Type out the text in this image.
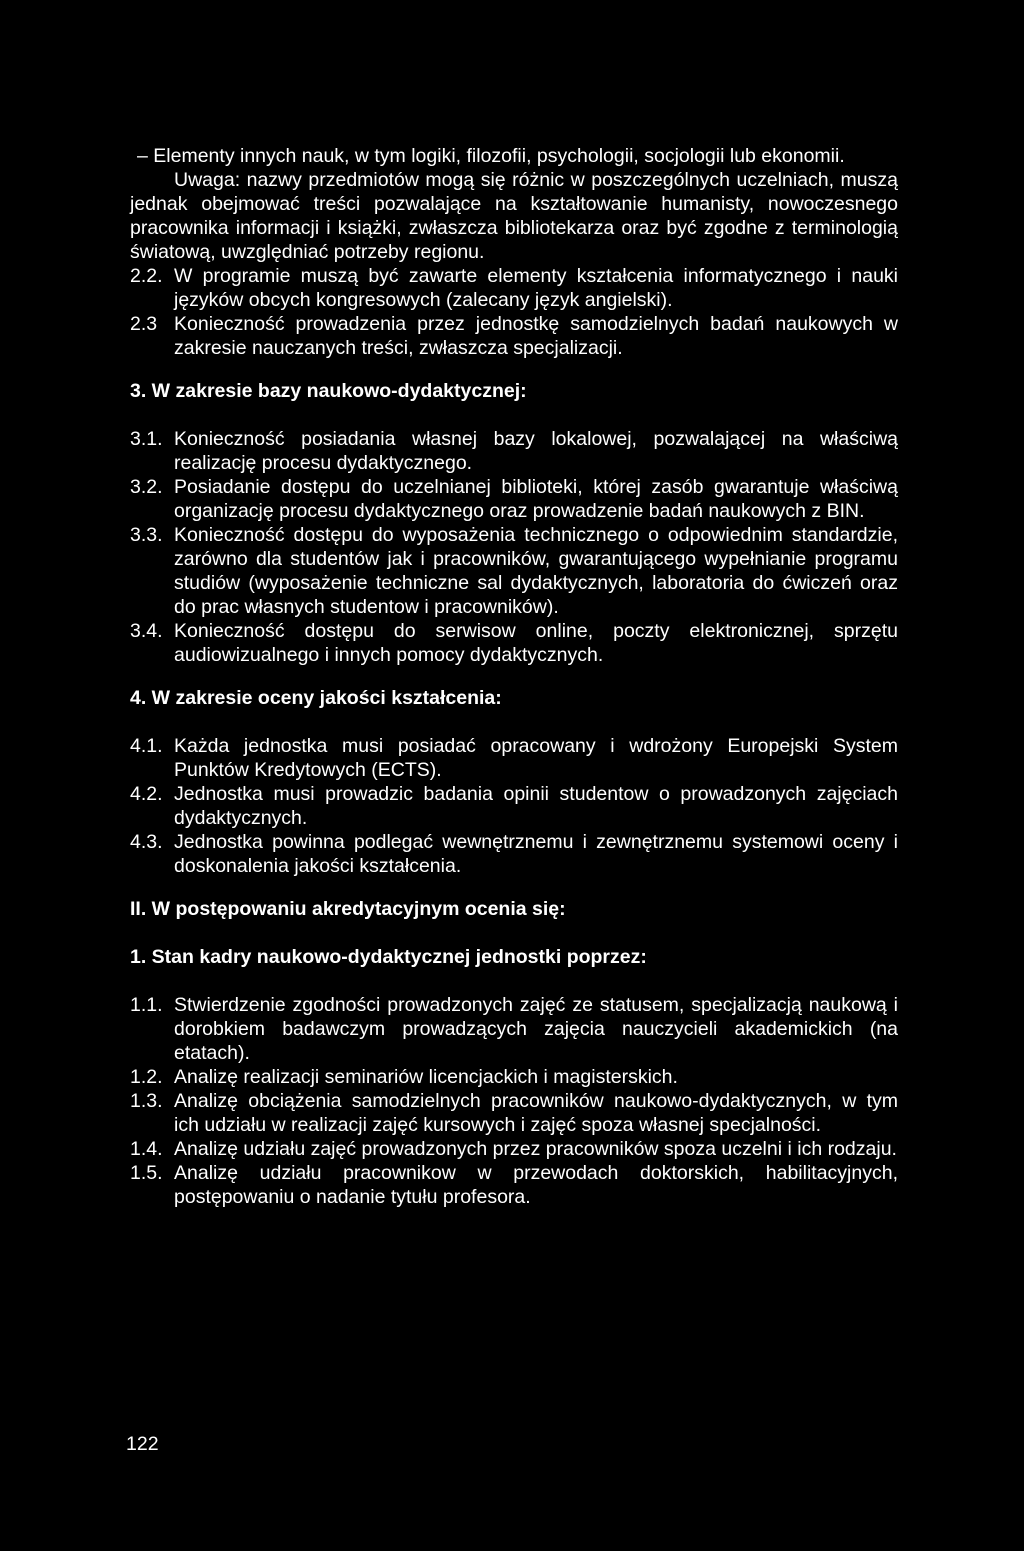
– Elementy innych nauk, w tym logiki, filozofii, psychologii, socjologii lub ekonomii.

Uwaga: nazwy przedmiotów mogą się różnic w poszczególnych uczelniach, muszą jednak obejmować treści pozwalające na kształtowanie humanisty, nowoczesnego pracownika informacji i książki, zwłaszcza bibliotekarza oraz być zgodne z terminologią światową, uwzględniać potrzeby regionu.

2.2. W programie muszą być zawarte elementy kształcenia informatycznego i nauki języków obcych kongresowych (zalecany język angielski).
2.3 Konieczność prowadzenia przez jednostkę samodzielnych badań naukowych w zakresie nauczanych treści, zwłaszcza specjalizacji.

3. W zakresie bazy naukowo-dydaktycznej:

3.1. Konieczność posiadania własnej bazy lokalowej, pozwalającej na właściwą realizację procesu dydaktycznego.
3.2. Posiadanie dostępu do uczelnianej biblioteki, której zasób gwarantuje właściwą organizację procesu dydaktycznego oraz prowadzenie badań naukowych z BIN.
3.3. Konieczność dostępu do wyposażenia technicznego o odpowiednim standardzie, zarówno dla studentów jak i pracowników, gwarantującego wypełnianie programu studiów (wyposażenie techniczne sal dydaktycznych, laboratoria do ćwiczeń oraz do prac własnych studentow i pracowników).
3.4. Konieczność dostępu do serwisow online, poczty elektronicznej, sprzętu audiowizualnego i innych pomocy dydaktycznych.

4. W zakresie oceny jakości kształcenia:

4.1. Każda jednostka musi posiadać opracowany i wdrożony Europejski System Punktów Kredytowych (ECTS).
4.2. Jednostka musi prowadzic badania opinii studentow o prowadzonych zajęciach dydaktycznych.
4.3. Jednostka powinna podlegać wewnętrznemu i zewnętrznemu systemowi oceny i doskonalenia jakości kształcenia.

II. W postępowaniu akredytacyjnym ocenia się:

1. Stan kadry naukowo-dydaktycznej jednostki poprzez:

1.1. Stwierdzenie zgodności prowadzonych zajęć ze statusem, specjalizacją naukową i dorobkiem badawczym prowadzących zajęcia nauczycieli akademickich (na etatach).
1.2. Analizę realizacji seminariów licencjackich i magisterskich.
1.3. Analizę obciążenia samodzielnych pracowników naukowo-dydaktycznych, w tym ich udziału w realizacji zajęć kursowych i zajęć spoza własnej specjalności.
1.4. Analizę udziału zajęć prowadzonych przez pracowników spoza uczelni i ich rodzaju.
1.5. Analizę udziału pracownikow w przewodach doktorskich, habilitacyjnych, postępowaniu o nadanie tytułu profesora.
122
